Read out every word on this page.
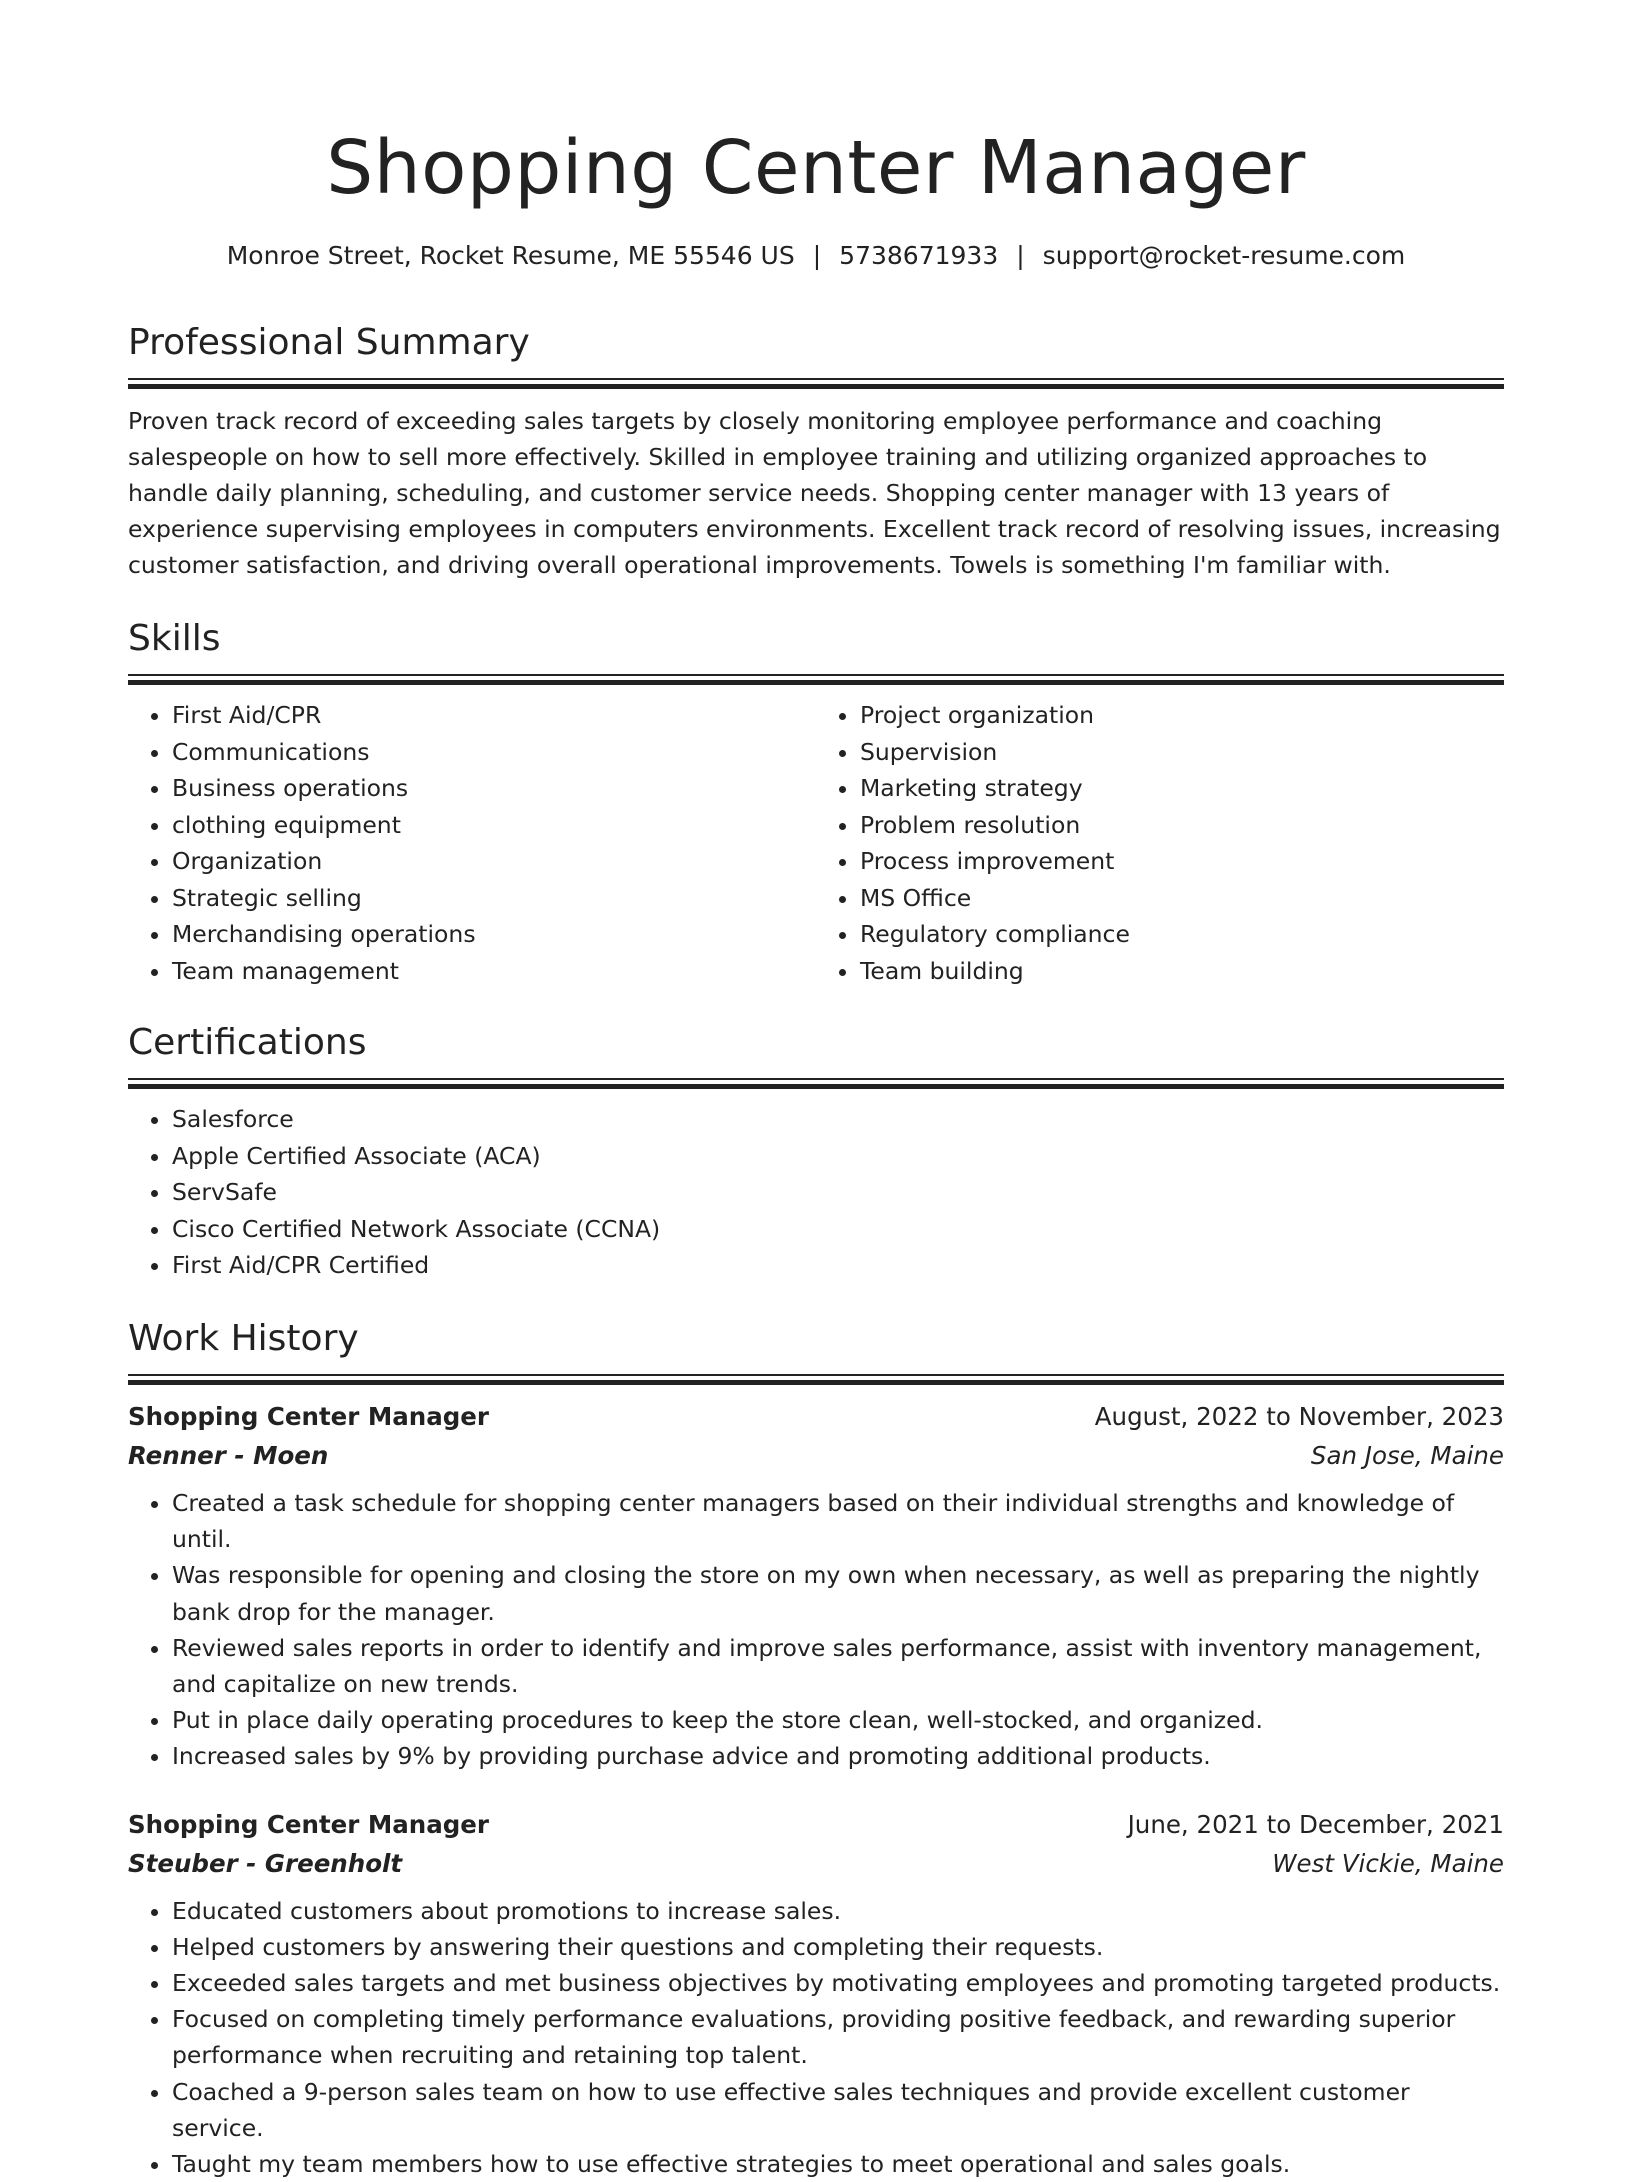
Shopping Center Manager
Monroe Street, Rocket Resume, ME 55546 US | 5738671933 | support@rocket-resume.com
Professional Summary

Proven track record of exceeding sales targets by closely monitoring employee performance and coaching salespeople on how to sell more effectively. Skilled in employee training and utilizing organized approaches to handle daily planning, scheduling, and customer service needs. Shopping center manager with 13 years of experience supervising employees in computers environments. Excellent track record of resolving issues, increasing customer satisfaction, and driving overall operational improvements. Towels is something I'm familiar with.

Skills
• First Aid/CPR
• Communications
• Business operations
• clothing equipment
• Organization
• Strategic selling
• Merchandising operations
• Team management
• Project organization
• Supervision
• Marketing strategy
• Problem resolution
• Process improvement
• MS Office
• Regulatory compliance
• Team building
Certifications
• Salesforce
• Apple Certified Associate (ACA)
• ServSafe
• Cisco Certified Network Associate (CCNA)
• First Aid/CPR Certified
Work History
Shopping Center Manager	August, 2022 to November, 2023
Renner - Moen	San Jose, Maine
• Created a task schedule for shopping center managers based on their individual strengths and knowledge of until.
• Was responsible for opening and closing the store on my own when necessary, as well as preparing the nightly bank drop for the manager.
• Reviewed sales reports in order to identify and improve sales performance, assist with inventory management, and capitalize on new trends.
• Put in place daily operating procedures to keep the store clean, well-stocked, and organized.
• Increased sales by 9% by providing purchase advice and promoting additional products.
Shopping Center Manager	June, 2021 to December, 2021
Steuber - Greenholt	West Vickie, Maine
• Educated customers about promotions to increase sales.
• Helped customers by answering their questions and completing their requests.
• Exceeded sales targets and met business objectives by motivating employees and promoting targeted products.
• Focused on completing timely performance evaluations, providing positive feedback, and rewarding superior performance when recruiting and retaining top talent.
• Coached a 9-person sales team on how to use effective sales techniques and provide excellent customer service.
• Taught my team members how to use effective strategies to meet operational and sales goals.
